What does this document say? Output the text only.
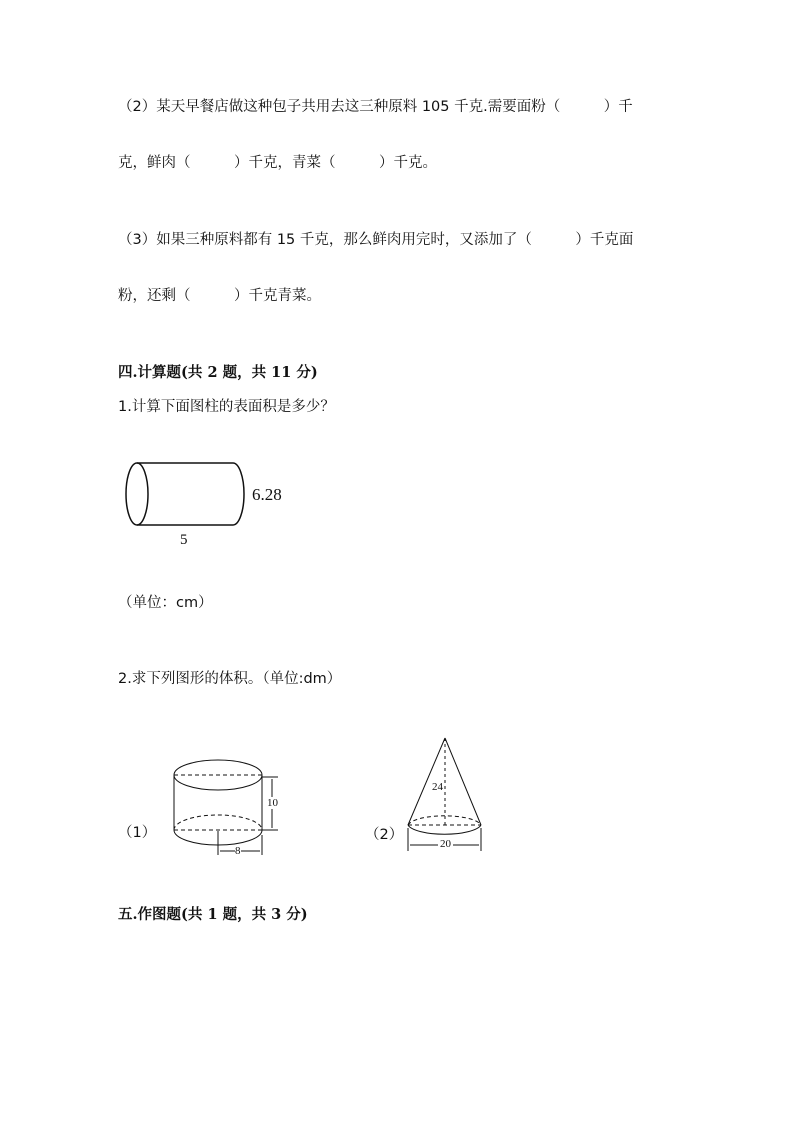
（2）某天早餐店做这种包子共用去这三种原料 105 千克.需要面粉（　　　）千
克，鲜肉（　　　）千克，青菜（　　　）千克。
（3）如果三种原料都有 15 千克，那么鲜肉用完时，又添加了（　　　）千克面
粉，还剩（　　　）千克青菜。
四.计算题(共 2 题，共 11 分)
1.计算下面图柱的表面积是多少？
6.28
5
（单位：cm）
2.求下列图形的体积。（单位:dm）
（1）
10
8
（2）
24
20
五.作图题(共 1 题，共 3 分)
